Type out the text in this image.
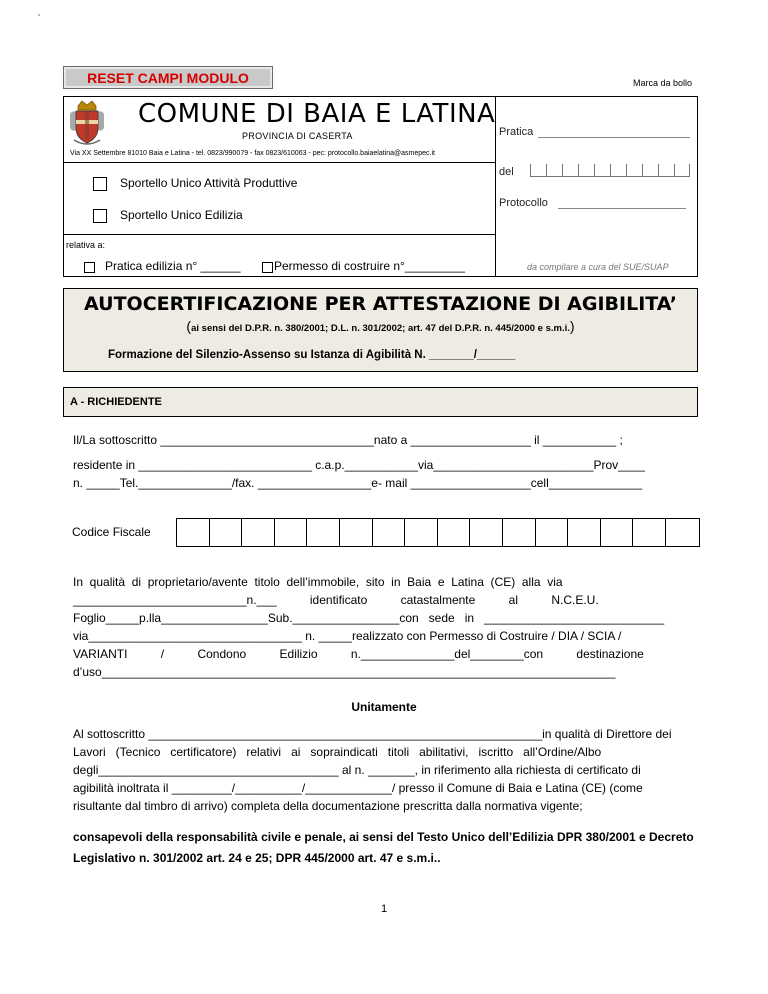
RESET CAMPI MODULO	Marca da bollo
COMUNE DI BAIA E LATINA
PROVINCIA DI CASERTA
Via XX Settembre 81010 Baia e Latina - tel. 0823/990079 - fax 0823/610063 - pec: protocollo.baiaelatina@asmepec.it
Sportello Unico Attività Produttive
Sportello Unico Edilizia
relativa a:
Pratica edilizia n° ______	Permesso di costruire n°_________
Pratica
del
Protocollo
da compilare a cura del SUE/SUAP
AUTOCERTIFICAZIONE PER ATTESTAZIONE DI AGIBILITA’
(ai sensi del D.P.R. n. 380/2001; D.L. n. 301/2002; art. 47 del D.P.R. n. 445/2000 e s.m.i.)
Formazione del Silenzio-Assenso su Istanza di Agibilità N. _______/______
A - RICHIEDENTE
Il/La sottoscritto ________________________________nato a __________________ il ___________ ;
residente in __________________________ c.a.p.___________via________________________Prov____
n. _____Tel.______________/fax. _________________e- mail __________________cell______________
Codice Fiscale
In  qualità  di  proprietario/avente  titolo  dell’immobile,  sito  in  Baia  e  Latina  (CE)  alla  via
__________________________n.___          identificato          catastalmente          al          N.C.E.U.
Foglio_____p.lla________________Sub.________________con   sede   in   ___________________________
via________________________________ n. _____realizzato con Permesso di Costruire / DIA / SCIA /
VARIANTI          /          Condono          Edilizio          n.______________del________con          destinazione
d’uso_____________________________________________________________________________
Unitamente
Al sottoscritto ___________________________________________________________in qualità di Direttore dei
Lavori   (Tecnico   certificatore)   relativi   ai   sopraindicati   titoli   abilitativi,   iscritto   all’Ordine/Albo
degli____________________________________ al n. _______, in riferimento alla richiesta di certificato di
agibilità inoltrata il _________/__________/_____________/ presso il Comune di Baia e Latina (CE) (come
risultante dal timbro di arrivo) completa della documentazione prescritta dalla normativa vigente;
consapevoli della responsabilità civile e penale, ai sensi del Testo Unico dell’Edilizia DPR 380/2001 e Decreto Legislativo n. 301/2002 art. 24 e 25; DPR 445/2000 art. 47 e s.m.i..
1
